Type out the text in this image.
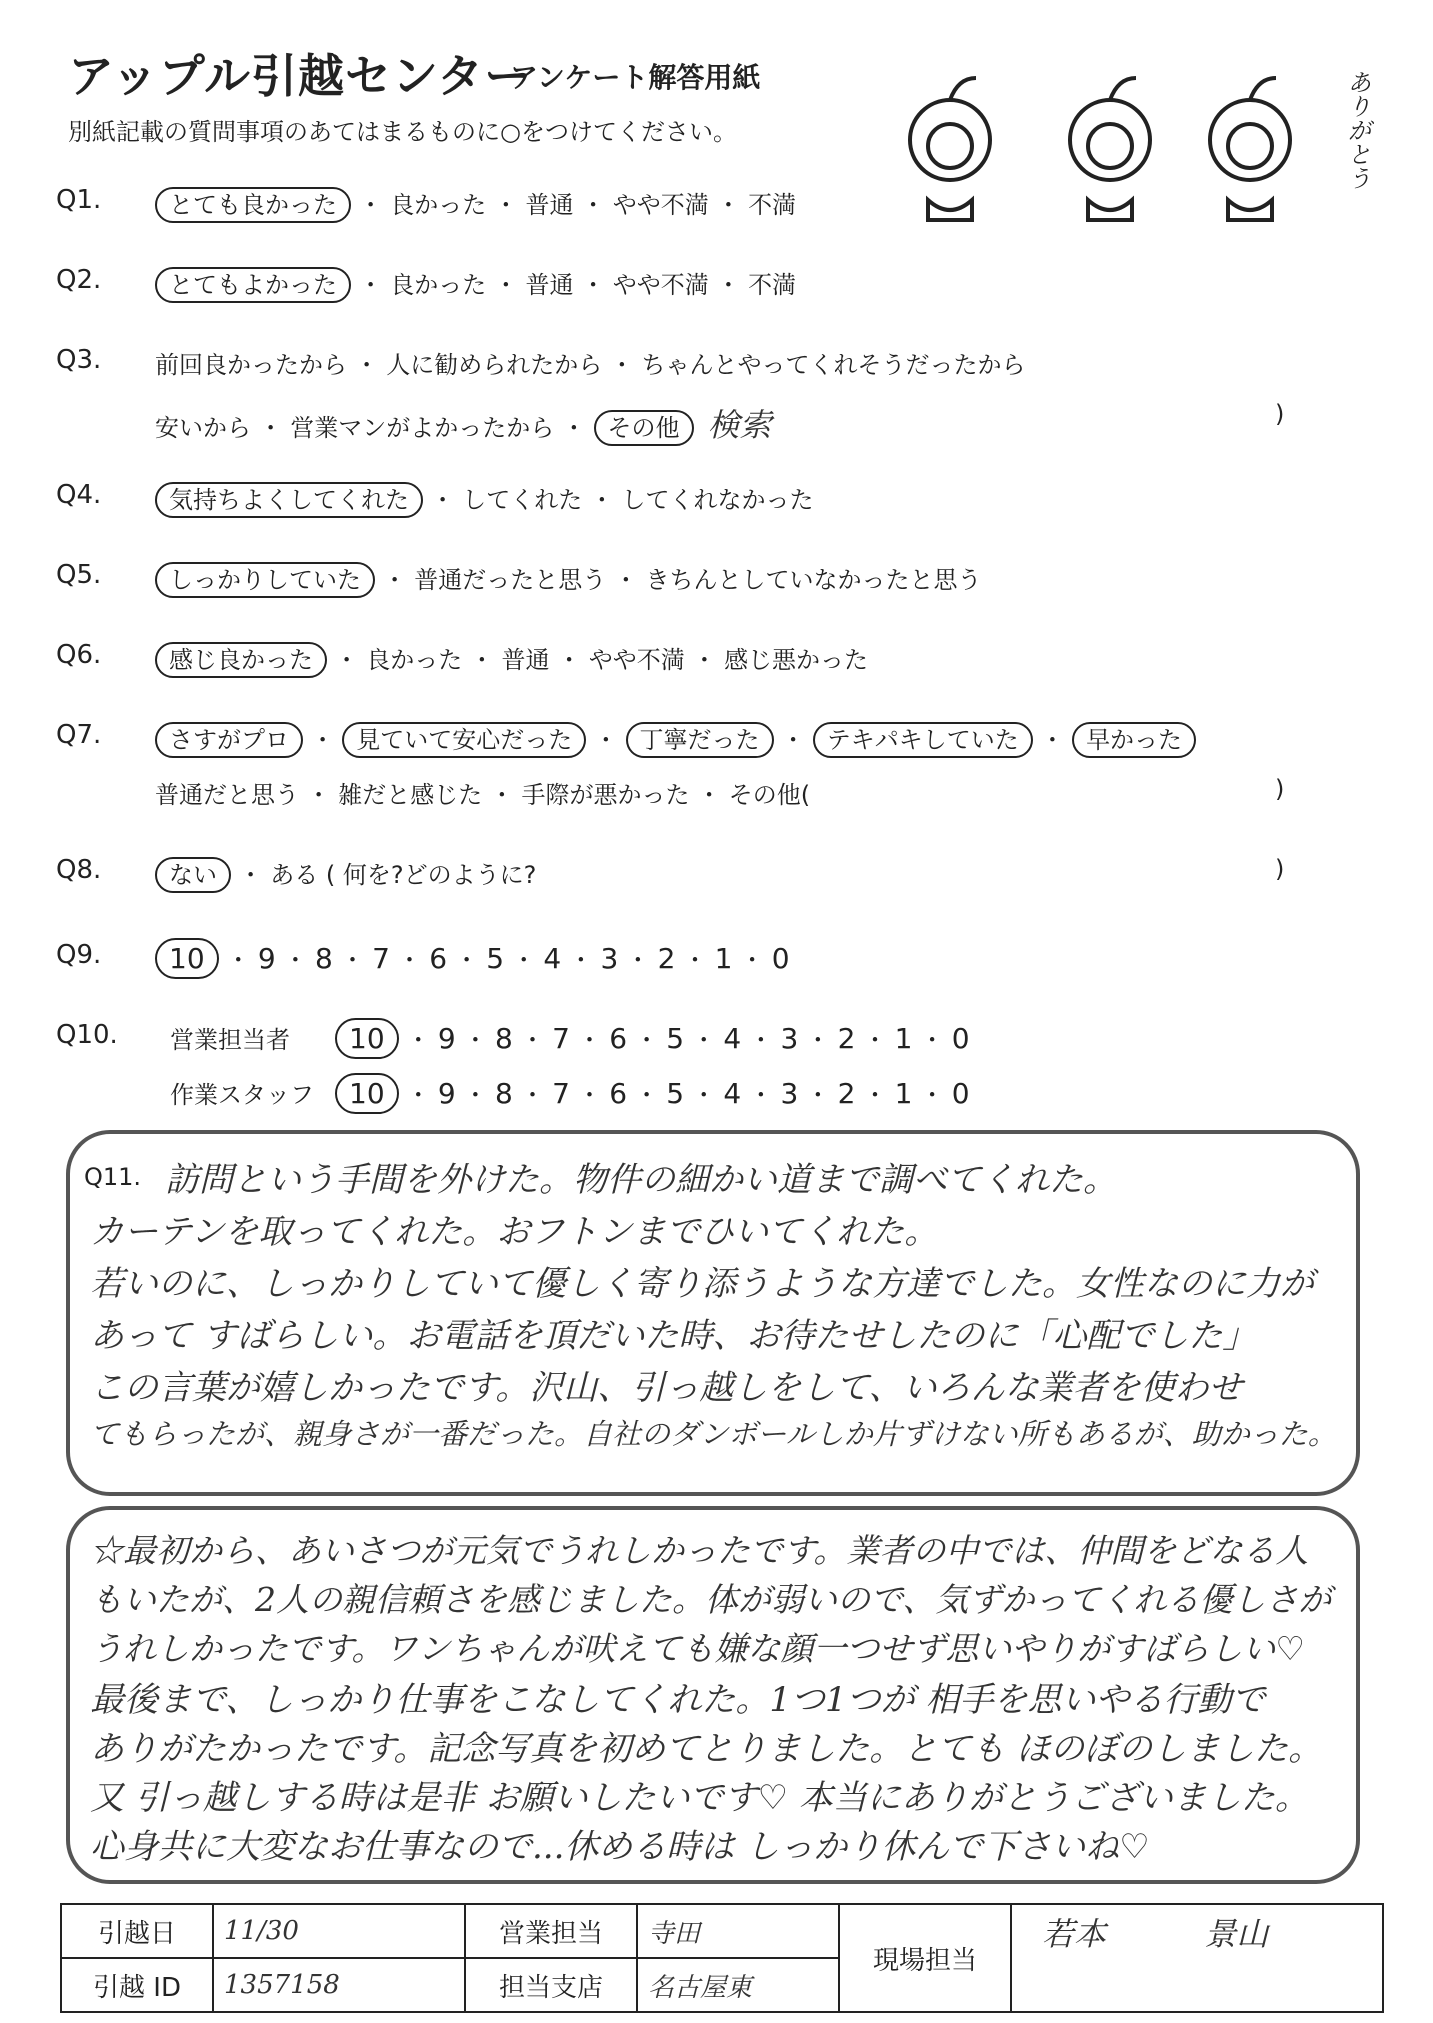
アップル引越センター
アンケート解答用紙
別紙記載の質問事項のあてはまるものに○をつけてください。	ありがとう
Q1.	とても良かった ・ 良かった ・ 普通 ・ やや不満 ・ 不満
Q2.	とてもよかった ・ 良かった ・ 普通 ・ やや不満 ・ 不満
Q3. 前回良かったから ・ 人に勧められたから ・ ちゃんとやってくれそうだったから
安いから ・ 営業マンがよかったから ・ その他 検索	)
Q4.	気持ちよくしてくれた ・ してくれた ・ してくれなかった
Q5.	しっかりしていた ・ 普通だったと思う ・ きちんとしていなかったと思う
Q6.	感じ良かった ・ 良かった ・ 普通 ・ やや不満 ・ 感じ悪かった
Q7.	さすがプロ ・ 見ていて安心だった ・ 丁寧だった ・ テキパキしていた ・ 早かった
普通だと思う ・ 雑だと感じた ・ 手際が悪かった ・ その他(	)
Q8.	ない ・ ある ( 何を?どのように?	)
Q9.	10 ・ 9 ・ 8 ・ 7 ・ 6 ・ 5 ・ 4 ・ 3 ・ 2 ・ 1 ・ 0
Q10. 営業担当者	10 ・ 9 ・ 8 ・ 7 ・ 6 ・ 5 ・ 4 ・ 3 ・ 2 ・ 1 ・ 0
作業スタッフ	10 ・ 9 ・ 8 ・ 7 ・ 6 ・ 5 ・ 4 ・ 3 ・ 2 ・ 1 ・ 0
Q11. 訪問という手間を外けた。物件の細かい道まで調べてくれた。
カーテンを取ってくれた。おフトンまでひいてくれた。
若いのに、しっかりしていて優しく寄り添うような方達でした。女性なのに力が
あって すばらしい。お電話を頂だいた時、お待たせしたのに「心配でした」
この言葉が嬉しかったです。沢山、引っ越しをして、いろんな業者を使わせ
てもらったが、親身さが一番だった。自社のダンボールしか片ずけない所もあるが、助かった。
☆最初から、あいさつが元気でうれしかったです。業者の中では、仲間をどなる人
もいたが、2人の親信頼さを感じました。体が弱いので、気ずかってくれる優しさが
うれしかったです。ワンちゃんが吠えても嫌な顔一つせず思いやりがすばらしい♡
最後まで、しっかり仕事をこなしてくれた。1つ1つが 相手を思いやる行動で
ありがたかったです。記念写真を初めてとりました。とても ほのぼのしました。
又 引っ越しする時は是非 お願いしたいです♡ 本当にありがとうございました。
心身共に大変なお仕事なので...休める時は しっかり休んで下さいね♡
引越日	11/30	営業担当	寺田	現場担当	若本 景山
引越 ID	1357158	担当支店	名古屋東		
